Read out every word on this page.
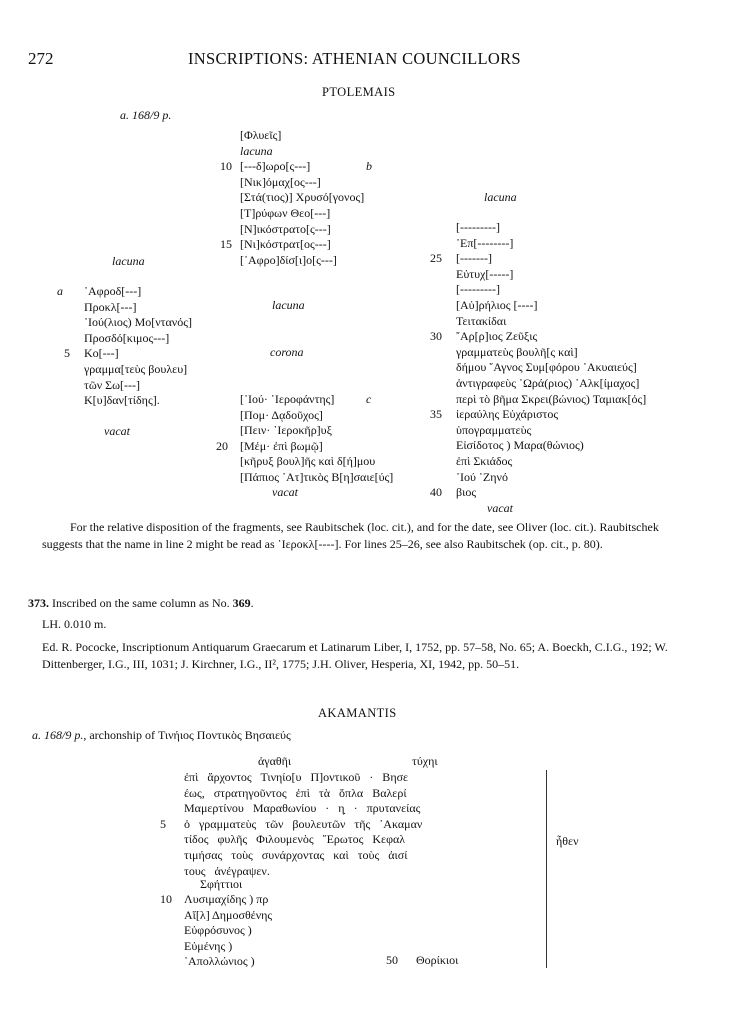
272	INSCRIPTIONS: ATHENIAN COUNCILLORS
PTOLEMAIS
a. 168/9 p.
[Φλυεῖς]
lacuna
10 [---δ]ωρο[ς---]
[Νικ]όμαχ[ος---]
[Στά(τιος)] Χρυσό[γονος]
[Τ]ρύφων Θεο[---]
[Ν]ικόστρατο[ς---]
15 [Νι]κόστρατ[ος---]
[᾿Αφρο]δίσ[ι]ο[ς---]
b
lacuna
lacuna
corona
a ᾿Αφροδ[---]
Προκλ[---]
᾿Ιού(λιος) Μο[ντανός]
Προσδό[κιμος---]
5 Κο[---]
γραμμα[τεὺς βουλευ]
τῶν Σω[---]
Κ[υ]δαν[τίδης].
vacat
[᾿Ιού· ῾Ιεροφάντης]
[Πομ· Δᾳδοῦχος]
[Πειν· ῾Ιεροκῆρ]υξ
20 [Μέμ· ἐπὶ βωμῷ]
[κῆρυξ βουλ]ῆς καὶ δ[ή]μου
[Πάπιος ᾿Ατ]τικὸς Β[η]σαιε[ύς]
c
vacat
lacuna
[---------]
᾿Επ[--------]
25 [-------]
Εὐτυχ[-----]
[---------]
[Αὐ]ρήλιος [----]
Τειτακίδαι
30 ῎Αρ[ρ]ιος Ζεῦξις
γραμματεὺς βουλῆ[ς καὶ]
δήμου ῎Αγνος Συμ[φόρου ᾿Ακυαιεύς]
ἀντιγραφεὺς ῾Ωρά(ριος) ᾿Αλκ[ίμαχος]
περὶ τὸ βῆμα Σκρει(βώνιος) Ταμιακ[ός]
35 ἱεραύλης Εὐχάριστος
ὑπογραμματεὺς
Εἰσίδοτος ) Μαρα(θώνιος)
ἐπὶ Σκιάδος
᾿Ιού ᾿Ζηνό
40 βιος
vacat
For the relative disposition of the fragments, see Raubitschek (loc. cit.), and for the date, see Oliver (loc. cit.). Raubitschek suggests that the name in line 2 might be read as ῾Ιεροκλ[----]. For lines 25–26, see also Raubitschek (op. cit., p. 80).
373. Inscribed on the same column as No. 369.
LH. 0.010 m.
Ed. R. Pococke, Inscriptionum Antiquarum Graecarum et Latinarum Liber, I, 1752, pp. 57–58, No. 65; A. Boeckh, C.I.G., 192; W. Dittenberger, I.G., III, 1031; J. Kirchner, I.G., II², 1775; J.H. Oliver, Hesperia, XI, 1942, pp. 50–51.
AKAMANTIS
a. 168/9 p., archonship of Τινήιος Ποντικὸς Βησαιεύς
ἀγαθῆι	τύχηι
ἐπὶ ἄρχοντος Τινηίο[υ Π]οντικοῦ · Βησε
έως, στρατηγοῦντος ἐπὶ τὰ ὅπλα Βαλερί
Μαμερτίνου Μαραθωνίου · η̣ · πρυτανείας
5 ὁ γραμματεὺς τῶν βουλευτῶν τῆς ᾿Ακαμαν
τίδος φυλῆς Φιλουμενὸς ῎Ερωτος Κεφαλ
τιμήσας τοὺς συνάρχοντας καὶ τοὺς ἀισί
τους ἀνέγραψεν.
ἦθεν
Σφήττιοι
10 Λυσιμαχίδης ) πρ
Αἴ[λ] Δημοσθένης
Εὐφρόσυνος )
Εὐμένης )
᾿Απολλώνιος )	50 Θορίκιοι
